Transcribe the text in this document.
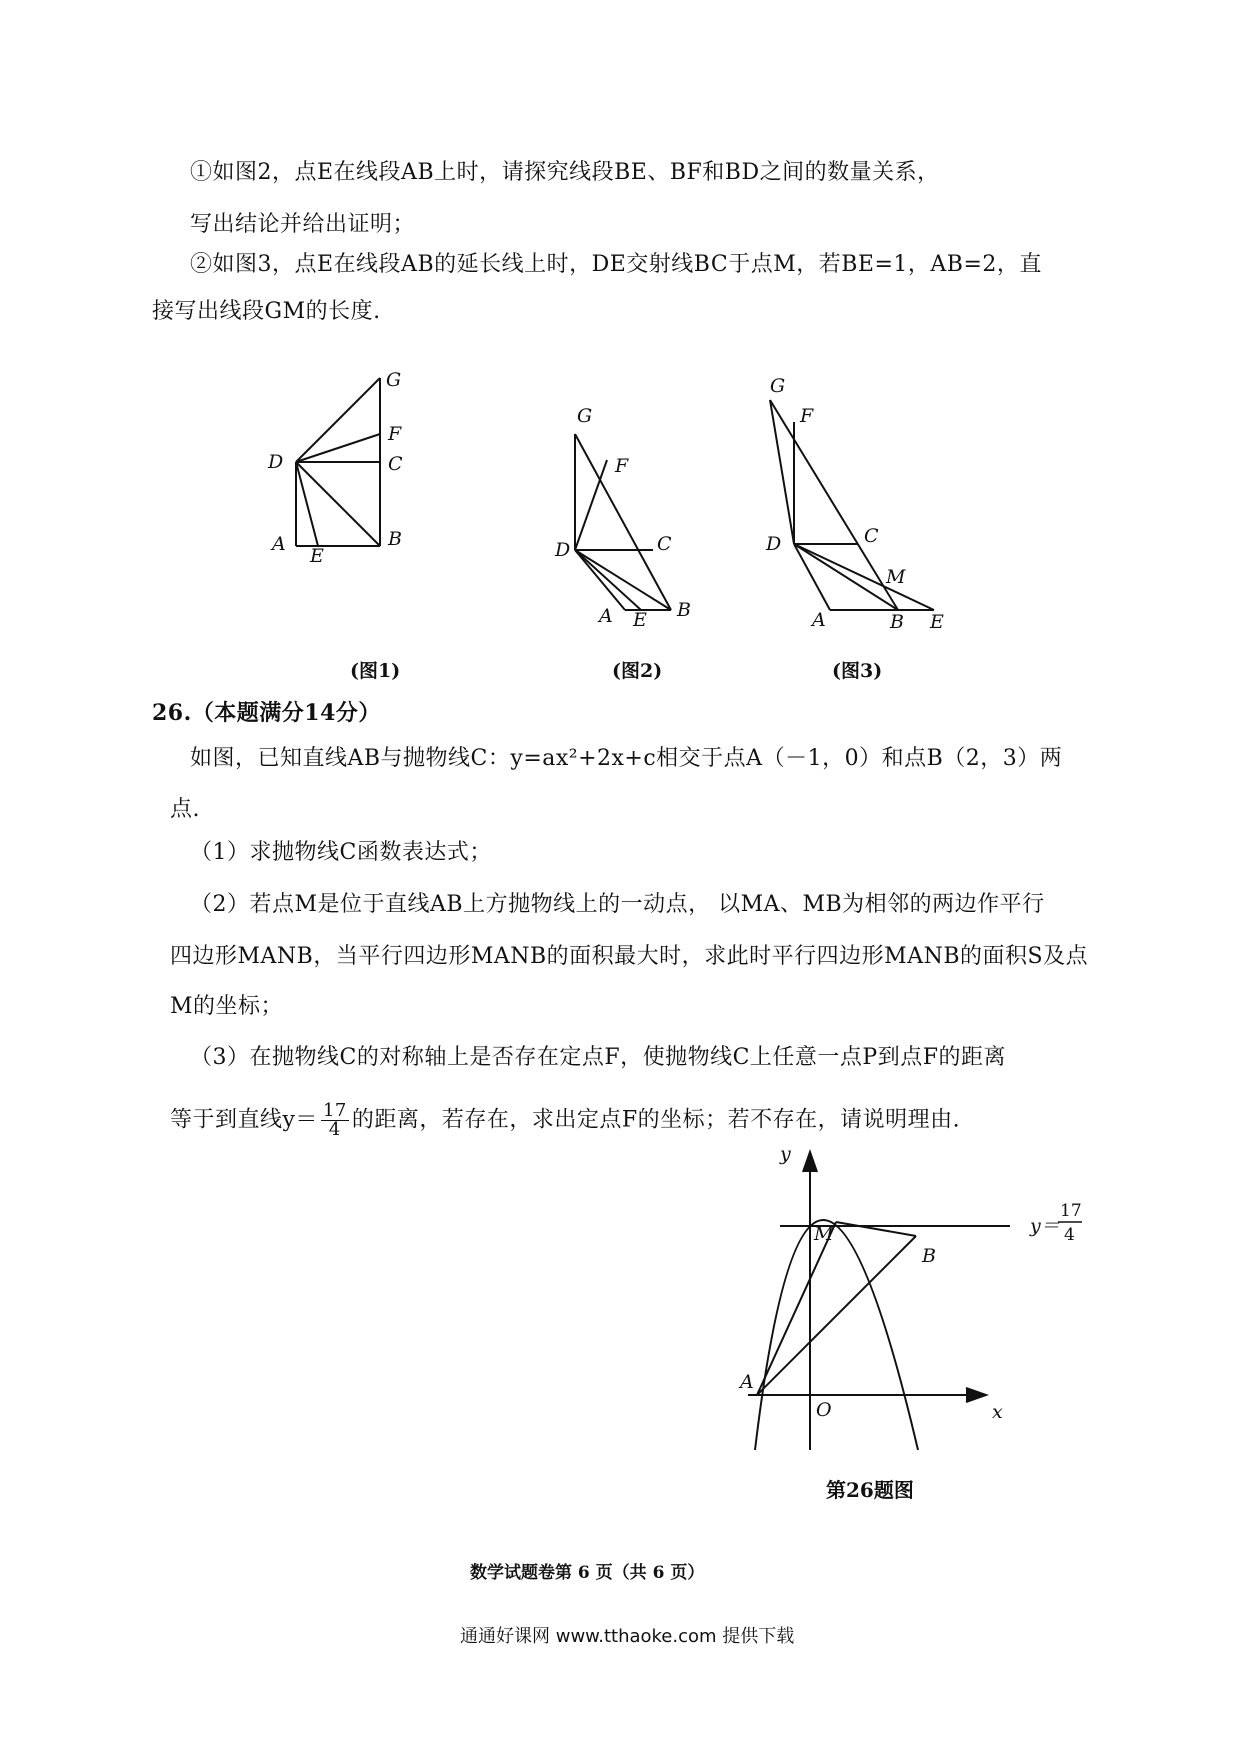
①如图2，点E在线段AB上时，请探究线段BE、BF和BD之间的数量关系，
写出结论并给出证明；
②如图3，点E在线段AB的延长线上时，DE交射线BC于点M，若BE=1，AB=2，直
接写出线段GM的长度.
G
F
C
D
A
E
B
(图1)
G
F
C
D
A E B
(图2)
G
F
C
D
M
A	B E
(图3)
26.（本题满分14分）
如图，已知直线AB与抛物线C：y=ax²+2x+c相交于点A（－1，0）和点B（2，3）两
点.
（1）求抛物线C函数表达式；
（2）若点M是位于直线AB上方抛物线上的一动点， 以MA、MB为相邻的两边作平行
四边形MANB，当平行四边形MANB的面积最大时，求此时平行四边形MANB的面积S及点
M的坐标；
（3）在抛物线C的对称轴上是否存在定点F，使抛物线C上任意一点P到点F的距离
等于到直线$y= \frac{17}{4}$ 的距离，若存在，求出定点F的坐标；若不存在，请说明理由.
y
x
O
A
B
M	y＝
17
4
第26题图
数学试题卷第 6 页（共 6 页）
通通好课网 www.tthaoke.com 提供下载
